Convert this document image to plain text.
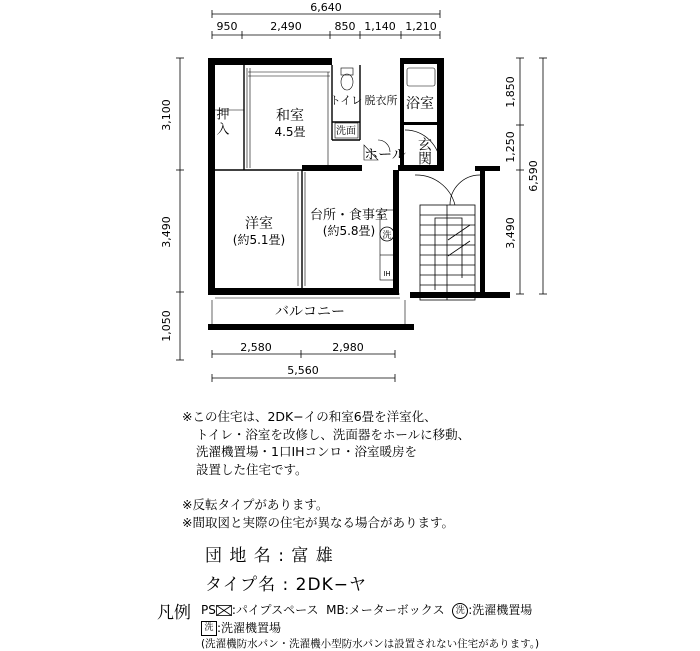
6,640
950	2,490	850 1,140 1,210
3,100
3,490
1,050
1,850
1,250
3,490
6,590
2,580	2,980
5,560
押入	和室
4.5畳
トイレ 脱衣所
洗面
浴室
ホール 玄関
洋室
(約5.1畳)
台所・食事室
(約5.8畳) 洗
IH
バルコニー

※この住宅は、2DK−イの和室6畳を洋室化、

トイレ・浴室を改修し、洗面器をホールに移動、

洗濯機置場・1口IHコンロ・浴室暖房を

設置した住宅です。

※反転タイプがあります。

※間取図と実際の住宅が異なる場合があります。

団 地 名 : 富 雄
タイプ名 : 2DK−ヤ
凡例 PS :パイプスペース MB:メーターボックス 洗 :洗濯機置場
洗 :洗濯機置場
(洗濯機防水パン・洗濯機小型防水パンは設置されない住宅があります。)
